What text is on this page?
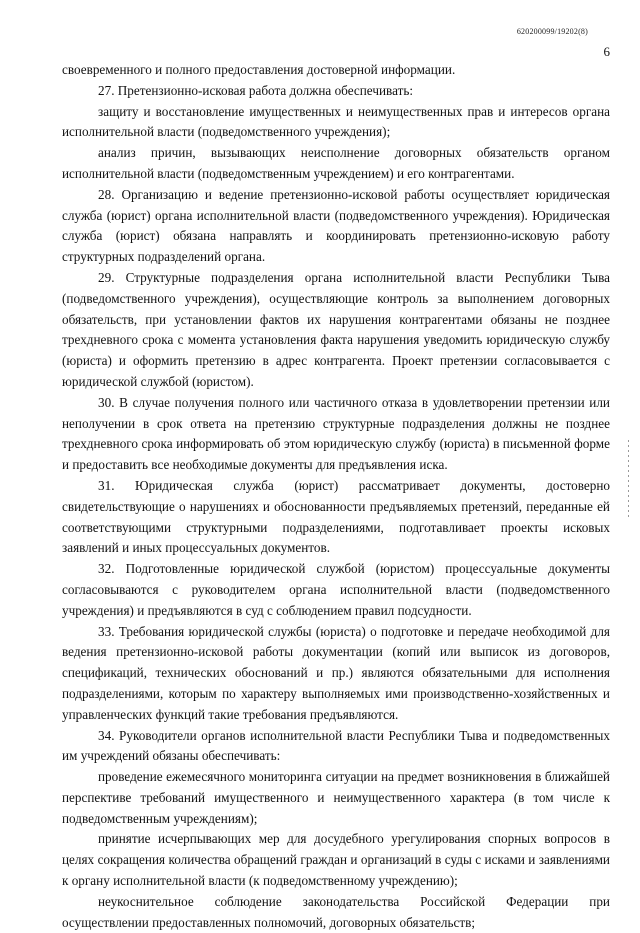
620200099/19202(8)
6

своевременного и полного предоставления достоверной информации.

27. Претензионно-исковая работа должна обеспечивать:

защиту и восстановление имущественных и неимущественных прав и интересов органа исполнительной власти (подведомственного учреждения);

анализ причин, вызывающих неисполнение договорных обязательств органом исполнительной власти (подведомственным учреждением) и его контрагентами.

28. Организацию и ведение претензионно-исковой работы осуществляет юридическая служба (юрист) органа исполнительной власти (подведомственного учреждения). Юридическая служба (юрист) обязана направлять и координировать претензионно-исковую работу структурных подразделений органа.

29. Структурные подразделения органа исполнительной власти Республики Тыва (подведомственного учреждения), осуществляющие контроль за выполнением договорных обязательств, при установлении фактов их нарушения контрагентами обязаны не позднее трехдневного срока с момента установления факта нарушения уведомить юридическую службу (юриста) и оформить претензию в адрес контрагента. Проект претензии согласовывается с юридической службой (юристом).

30. В случае получения полного или частичного отказа в удовлетворении претензии или неполучении в срок ответа на претензию структурные подразделения должны не позднее трехдневного срока информировать об этом юридическую службу (юриста) в письменной форме и предоставить все необходимые документы для предъявления иска.

31. Юридическая служба (юрист) рассматривает документы, достоверно свидетельствующие о нарушениях и обоснованности предъявляемых претензий, переданные ей соответствующими структурными подразделениями, подготавливает проекты исковых заявлений и иных процессуальных документов.

32. Подготовленные юридической службой (юристом) процессуальные документы согласовываются с руководителем органа исполнительной власти (подведомственного учреждения) и предъявляются в суд с соблюдением правил подсудности.

33. Требования юридической службы (юриста) о подготовке и передаче необходимой для ведения претензионно-исковой работы документации (копий или выписок из договоров, спецификаций, технических обоснований и пр.) являются обязательными для исполнения подразделениями, которым по характеру выполняемых ими производственно-хозяйственных и управленческих функций такие требования предъявляются.

34. Руководители органов исполнительной власти Республики Тыва и подведомственных им учреждений обязаны обеспечивать:

проведение ежемесячного мониторинга ситуации на предмет возникновения в ближайшей перспективе требований имущественного и неимущественного характера (в том числе к подведомственным учреждениям);

принятие исчерпывающих мер для досудебного урегулирования спорных вопросов в целях сокращения количества обращений граждан и организаций в суды с исками и заявлениями к органу исполнительной власти (к подведомственному учреждению);

неукоснительное соблюдение законодательства Российской Федерации при осуществлении предоставленных полномочий, договорных обязательств;
